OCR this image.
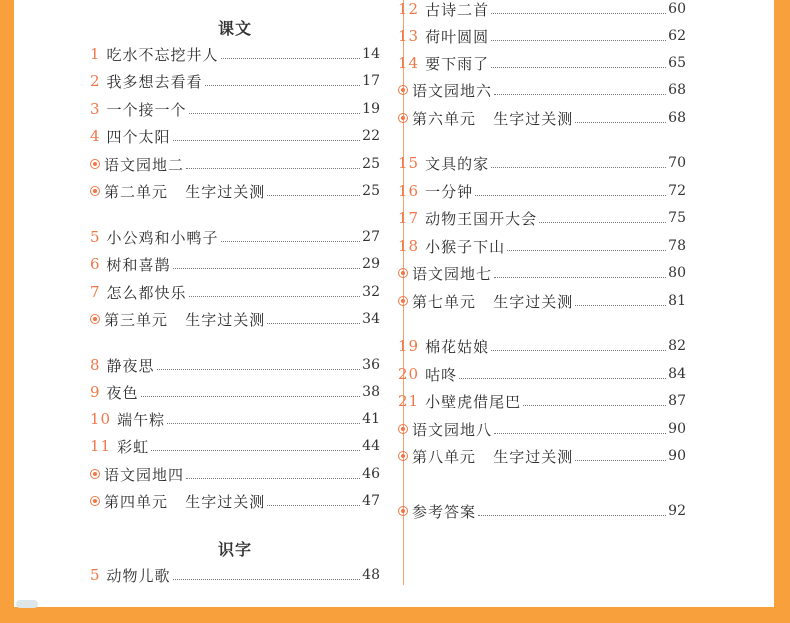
课文
识字
1 吃水不忘挖井人	14
2 我多想去看看	17
3 一个接一个	19
4 四个太阳	22
语文园地二	25
第二单元   生字过关测	25
5 小公鸡和小鸭子	27
6 树和喜鹊	29
7 怎么都快乐	32
第三单元   生字过关测	34
8 静夜思	36
9 夜色	38
10 端午粽	41
11 彩虹	44
语文园地四	46
第四单元   生字过关测	47
5 动物儿歌	48
12 古诗二首	60
13 荷叶圆圆	62
14 要下雨了	65
语文园地六	68
第六单元   生字过关测	68
15 文具的家	70
16 一分钟	72
17 动物王国开大会	75
18 小猴子下山	78
语文园地七	80
第七单元   生字过关测	81
19 棉花姑娘	82
20 咕咚	84
21 小壁虎借尾巴	87
语文园地八	90
第八单元   生字过关测	90
参考答案	92
